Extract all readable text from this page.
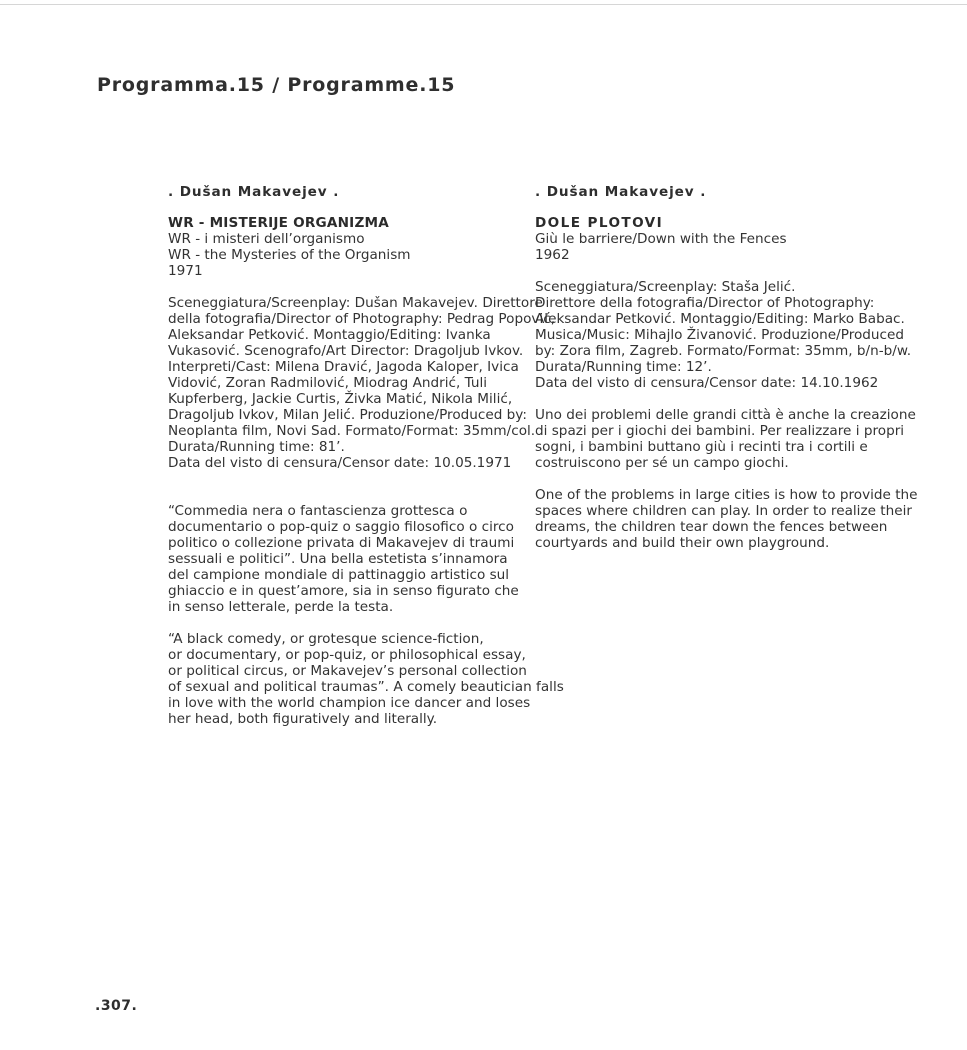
Programma.15 / Programme.15
. Dušan Makavejev .
WR - MISTERIJE ORGANIZMA
WR - i misteri dell’organismo
WR - the Mysteries of the Organism
1971
Sceneggiatura/Screenplay: Dušan Makavejev. Direttore
della fotografia/Director of Photography: Pedrag Popović,
Aleksandar Petković. Montaggio/Editing: Ivanka
Vukasović. Scenografo/Art Director: Dragoljub Ivkov.
Interpreti/Cast: Milena Dravić, Jagoda Kaloper, Ivica
Vidović, Zoran Radmilović, Miodrag Andrić, Tuli
Kupferberg, Jackie Curtis, Živka Matić, Nikola Milić,
Dragoljub Ivkov, Milan Jelić. Produzione/Produced by:
Neoplanta film, Novi Sad. Formato/Format: 35mm/col.
Durata/Running time: 81’.
Data del visto di censura/Censor date: 10.05.1971
“Commedia nera o fantascienza grottesca o
documentario o pop-quiz o saggio filosofico o circo
politico o collezione privata di Makavejev di traumi
sessuali e politici”. Una bella estetista s’innamora
del campione mondiale di pattinaggio artistico sul
ghiaccio e in quest’amore, sia in senso figurato che
in senso letterale, perde la testa.
“A black comedy, or grotesque science-fiction,
or documentary, or pop-quiz, or philosophical essay,
or political circus, or Makavejev’s personal collection
of sexual and political traumas”. A comely beautician falls
in love with the world champion ice dancer and loses
her head, both figuratively and literally.
. Dušan Makavejev .
DOLE PLOTOVI
Giù le barriere/Down with the Fences
1962
Sceneggiatura/Screenplay: Staša Jelić.
Direttore della fotografia/Director of Photography:
Aleksandar Petković. Montaggio/Editing: Marko Babac.
Musica/Music: Mihajlo Živanović. Produzione/Produced
by: Zora film, Zagreb. Formato/Format: 35mm, b/n-b/w.
Durata/Running time: 12’.
Data del visto di censura/Censor date: 14.10.1962
Uno dei problemi delle grandi città è anche la creazione
di spazi per i giochi dei bambini. Per realizzare i propri
sogni, i bambini buttano giù i recinti tra i cortili e
costruiscono per sé un campo giochi.
One of the problems in large cities is how to provide the
spaces where children can play. In order to realize their
dreams, the children tear down the fences between
courtyards and build their own playground.
.307.
